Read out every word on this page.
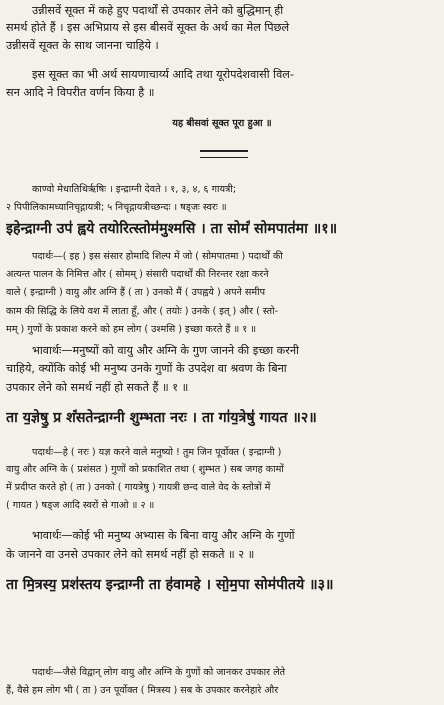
उन्नीसवें सूक्त में कहे हुए पदार्थों से उपकार लेने को बुद्धिमान् ही
समर्थ होते हैं । इस अभिप्राय से इस बीसवें सूक्त के अर्थ का मेल पिछले
उन्नीसवें सूक्त के साथ जानना चाहिये ।
इस सूक्त का भी अर्थ सायणाचार्य्य आदि तथा यूरोपदेशवासी विल-
सन आदि ने विपरीत वर्णन किया है ॥
यह बीसवां सूक्त पूरा हुआ ॥
काण्वो मेधातिथिर्ऋषिः । इन्द्राग्नी देवते । १, ३, ४, ६ गायत्री;
२ पिपीलिकामध्यानिचृद्गायत्री; ५ निचृद्गायत्रीच्छन्दः । षड्जः स्वरः ॥
इहेन्द्राग्नी उप॑ ह्वये तयोरित्स्तोम॑मुश्मसि । ता सोमं॑ सोमपात॑मा ॥१॥
पदार्थः—( इह ) इस संसार होमादि शिल्प में जो ( सोमपातमा ) पदार्थों की
अत्यन्त पालन के निमित्त और ( सोमम् ) संसारी पदार्थों की निरन्तर रक्षा करने
वाले ( इन्द्राग्नी ) वायु और अग्नि हैं ( ता ) उनको मैं ( उपह्वये ) अपने समीप
काम की सिद्धि के लिये वश में लाता हूँ, और ( तयोः ) उनके ( इत् ) और ( स्तो-
मम् ) गुणों के प्रकाश करने को हम लोग ( उश्मसि ) इच्छा करते हैं ॥ १ ॥
भावार्थः—मनुष्यों को वायु और अग्नि के गुण जानने की इच्छा करनी
चाहिये, क्योंकि कोई भी मनुष्य उनके गुणों के उपदेश वा श्रवण के बिना
उपकार लेने को समर्थ नहीं हो सकते हैं ॥ १ ॥
ता य॒ज्ञेषु॒ प्र शं॑सतेन्द्राग्नी शुम्भता नरः । ता गा॑य॒त्रेषु॑ गायत ॥२॥
पदार्थः—हे ( नरः ) यज्ञ करने वाले मनुष्यो ! तुम जिन पूर्वोक्त ( इन्द्राग्नी )
वायु और अग्नि के ( प्रशंसत ) गुणों को प्रकाशित तथा ( शुम्भत ) सब जगह कामों
में प्रदीप्त करते हो ( ता ) उनको ( गायत्रेषु ) गायत्री छन्द वाले वेद के स्तोत्रों में
( गायत ) षड्ज आदि स्वरों से गाओ ॥ २ ॥
भावार्थः—कोई भी मनुष्य अभ्यास के बिना वायु और अग्नि के गुणों
के जानने वा उनसे उपकार लेने को समर्थ नहीं हो सकते ॥ २ ॥
ता मि॒त्रस्य॒ प्रश॑स्तय इन्द्राग्नी ता ह॑वामहे । सो॒म॒पा सोम॑पीतये ॥३॥
पदार्थः—जैसे विद्वान् लोग वायु और अग्नि के गुणों को जानकर उपकार लेते
हैं, वैसे हम लोग भी ( ता ) उन पूर्वोक्त ( मित्रस्य ) सब के उपकार करनेहारे और
